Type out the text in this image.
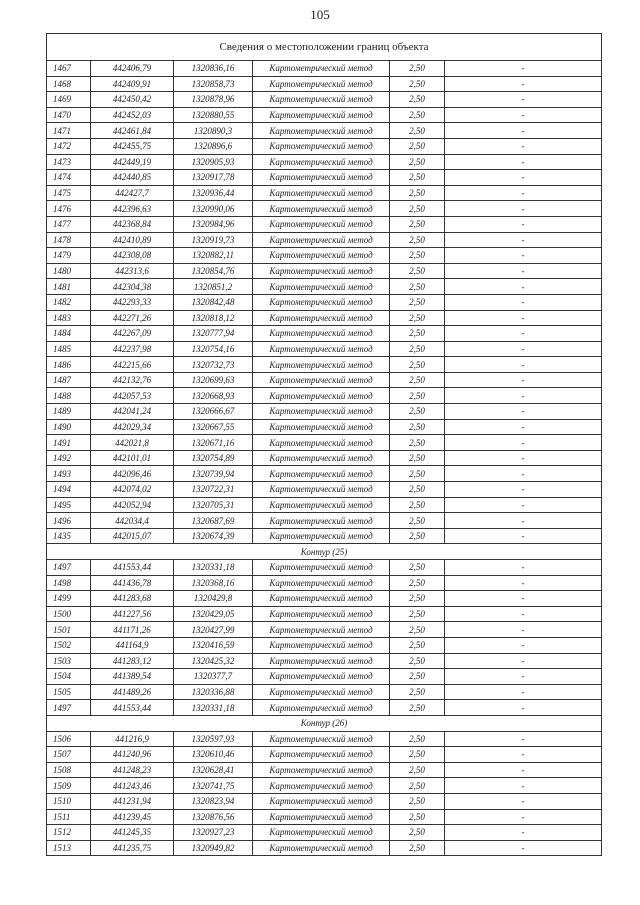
105
Сведения о местоположении границ объекта					
1467	442406,79	1320836,16	Картометрический метод	2,50	-
1468	442409,91	1320858,73	Картометрический метод	2,50	-
1469	442450,42	1320878,96	Картометрический метод	2,50	-
1470	442452,03	1320880,55	Картометрический метод	2,50	-
1471	442461,84	1320890,3	Картометрический метод	2,50	-
1472	442455,75	1320896,6	Картометрический метод	2,50	-
1473	442449,19	1320905,93	Картометрический метод	2,50	-
1474	442440,85	1320917,78	Картометрический метод	2,50	-
1475	442427,7	1320936,44	Картометрический метод	2,50	-
1476	442396,63	1320990,06	Картометрический метод	2,50	-
1477	442368,84	1320984,96	Картометрический метод	2,50	-
1478	442410,89	1320919,73	Картометрический метод	2,50	-
1479	442308,08	1320882,11	Картометрический метод	2,50	-
1480	442313,6	1320854,76	Картометрический метод	2,50	-
1481	442304,38	1320851,2	Картометрический метод	2,50	-
1482	442293,33	1320842,48	Картометрический метод	2,50	-
1483	442271,26	1320818,12	Картометрический метод	2,50	-
1484	442267,09	1320777,94	Картометрический метод	2,50	-
1485	442237,98	1320754,16	Картометрический метод	2,50	-
1486	442215,66	1320732,73	Картометрический метод	2,50	-
1487	442132,76	1320699,63	Картометрический метод	2,50	-
1488	442057,53	1320668,93	Картометрический метод	2,50	-
1489	442041,24	1320666,67	Картометрический метод	2,50	-
1490	442029,34	1320667,55	Картометрический метод	2,50	-
1491	442021,8	1320671,16	Картометрический метод	2,50	-
1492	442101,01	1320754,89	Картометрический метод	2,50	-
1493	442096,46	1320739,94	Картометрический метод	2,50	-
1494	442074,02	1320722,31	Картометрический метод	2,50	-
1495	442052,94	1320705,31	Картометрический метод	2,50	-
1496	442034,4	1320687,69	Картометрический метод	2,50	-
1435	442015,07	1320674,39	Картометрический метод	2,50	-
Контур (25)					
1497	441553,44	1320331,18	Картометрический метод	2,50	-
1498	441436,78	1320368,16	Картометрический метод	2,50	-
1499	441283,68	1320429,8	Картометрический метод	2,50	-
1500	441227,56	1320429,05	Картометрический метод	2,50	-
1501	441171,26	1320427,99	Картометрический метод	2,50	-
1502	441164,9	1320416,59	Картометрический метод	2,50	-
1503	441283,12	1320425,32	Картометрический метод	2,50	-
1504	441389,54	1320377,7	Картометрический метод	2,50	-
1505	441489,26	1320336,88	Картометрический метод	2,50	-
1497	441553,44	1320331,18	Картометрический метод	2,50	-
Контур (26)					
1506	441216,9	1320597,93	Картометрический метод	2,50	-
1507	441240,96	1320610,46	Картометрический метод	2,50	-
1508	441248,23	1320628,41	Картометрический метод	2,50	-
1509	441243,46	1320741,75	Картометрический метод	2,50	-
1510	441231,94	1320823,94	Картометрический метод	2,50	-
1511	441239,45	1320876,56	Картометрический метод	2,50	-
1512	441245,35	1320927,23	Картометрический метод	2,50	-
1513	441235,75	1320949,82	Картометрический метод	2,50	-
